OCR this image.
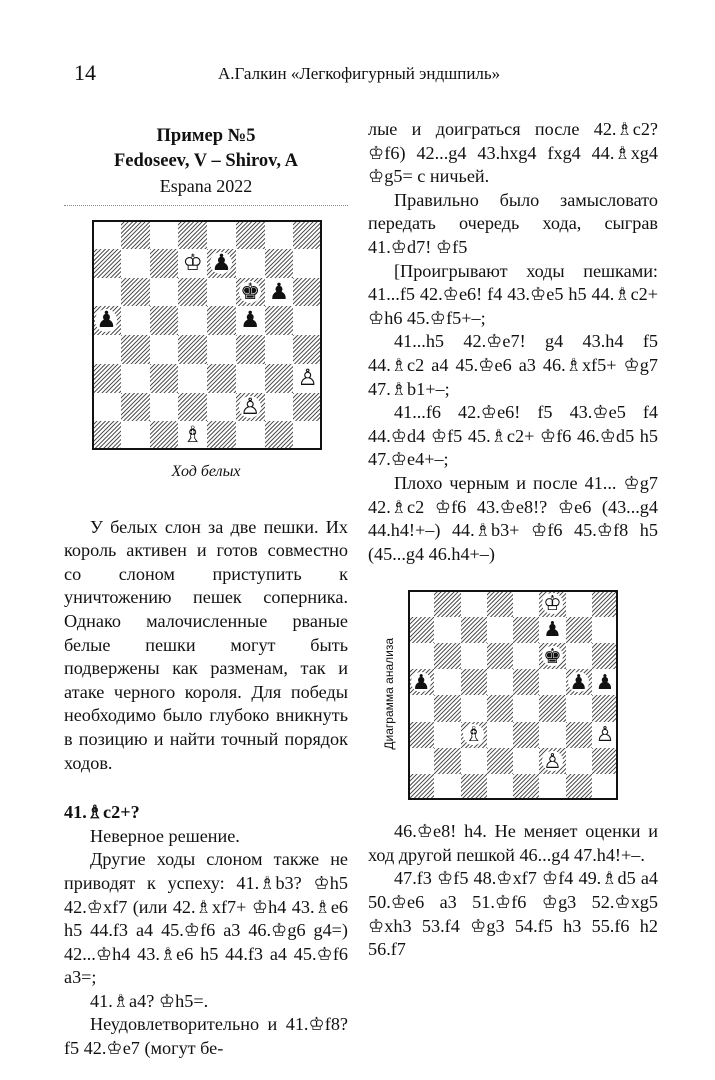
14	А.Галкин «Легкофигурный эндшпиль»
Пример №5
Fedoseev, V – Shirov, A
Espana 2022
♔ ♟
♚ ♟
♟	♟
♙
♙
♗
Ход белых

У белых слон за две пешки. Их король активен и готов совместно со слоном приступить к уничтожению пешек соперника. Однако малочисленные рваные белые пешки могут быть подвержены как разменам, так и атаке черного короля. Для победы необходимо было глубоко вникнуть в позицию и найти точный порядок ходов.

41.♗c2+?

Неверное решение.

Другие ходы слоном также не приводят к успеху: 41.♗b3? ♔h5 42.♔xf7 (или 42.♗xf7+ ♔h4 43.♗e6 h5 44.f3 a4 45.♔f6 a3 46.♔g6 g4=) 42...♔h4 43.♗e6 h5 44.f3 a4 45.♔f6 a3=;

41.♗a4? ♔h5=.

Неудовлетворительно и 41.♔f8? f5 42.♔e7 (могут бе-

лые и доиграться после 42.♗c2? ♔f6) 42...g4 43.hxg4 fxg4 44.♗xg4 ♔g5= с ничьей.

Правильно было замысловато передать очередь хода, сыграв 41.♔d7! ♔f5

[Проигрывают ходы пешками: 41...f5 42.♔e6! f4 43.♔e5 h5 44.♗c2+ ♔h6 45.♔f5+–;

41...h5 42.♔e7! g4 43.h4 f5 44.♗c2 a4 45.♔e6 a3 46.♗xf5+ ♔g7 47.♗b1+–;

41...f6 42.♔e6! f5 43.♔e5 f4 44.♔d4 ♔f5 45.♗c2+ ♔f6 46.♔d5 h5 47.♔e4+–;

Плохо черным и после 41... ♔g7 42.♗c2 ♔f6 43.♔e8!? ♔e6 (43...g4 44.h4!+–) 44.♗b3+ ♔f6 45.♔f8 h5 (45...g4 46.h4+–)

Диаграмма анализа
♔
♟
♚
♟	♟ ♟
♗	♙
♙

46.♔e8! h4. Не меняет оценки и ход другой пешкой 46...g4 47.h4!+–.

47.f3 ♔f5 48.♔xf7 ♔f4 49.♗d5 a4 50.♔e6 a3 51.♔f6 ♔g3 52.♔xg5 ♔xh3 53.f4 ♔g3 54.f5 h3 55.f6 h2 56.f7
